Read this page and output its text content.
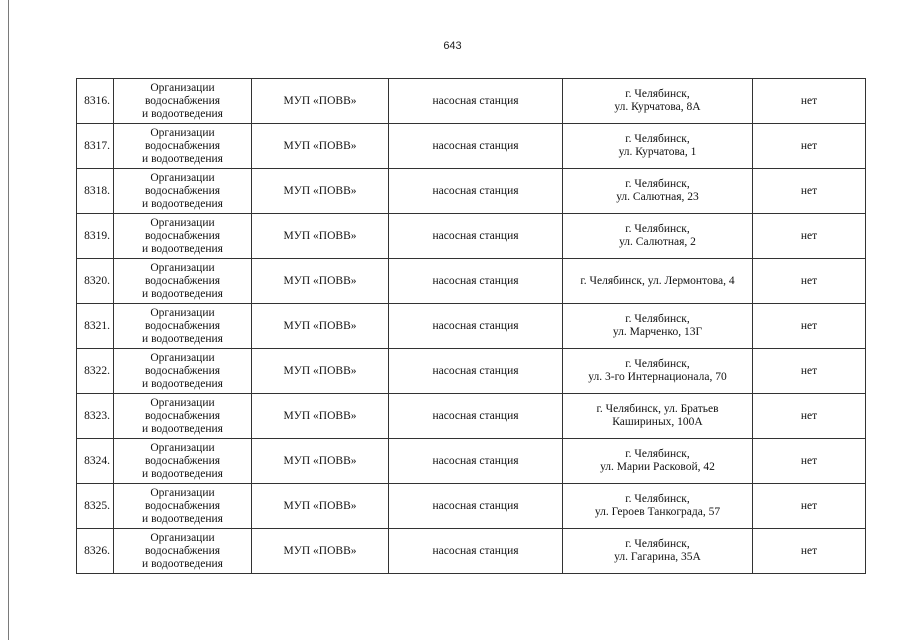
643
8316.	Организации
водоснабжения
и водоотведения	МУП «ПОВВ»	насосная станция	г. Челябинск,
ул. Курчатова, 8А	нет
8317.	Организации
водоснабжения
и водоотведения	МУП «ПОВВ»	насосная станция	г. Челябинск,
ул. Курчатова, 1	нет
8318.	Организации
водоснабжения
и водоотведения	МУП «ПОВВ»	насосная станция	г. Челябинск,
ул. Салютная, 23	нет
8319.	Организации
водоснабжения
и водоотведения	МУП «ПОВВ»	насосная станция	г. Челябинск,
ул. Салютная, 2	нет
8320.	Организации
водоснабжения
и водоотведения	МУП «ПОВВ»	насосная станция	г. Челябинск, ул. Лермонтова, 4	нет
8321.	Организации
водоснабжения
и водоотведения	МУП «ПОВВ»	насосная станция	г. Челябинск,
ул. Марченко, 13Г	нет
8322.	Организации
водоснабжения
и водоотведения	МУП «ПОВВ»	насосная станция	г. Челябинск,
ул. 3-го Интернационала, 70	нет
8323.	Организации
водоснабжения
и водоотведения	МУП «ПОВВ»	насосная станция	г. Челябинск, ул. Братьев
Кашириных, 100А	нет
8324.	Организации
водоснабжения
и водоотведения	МУП «ПОВВ»	насосная станция	г. Челябинск,
ул. Марии Расковой, 42	нет
8325.	Организации
водоснабжения
и водоотведения	МУП «ПОВВ»	насосная станция	г. Челябинск,
ул. Героев Танкограда, 57	нет
8326.	Организации
водоснабжения
и водоотведения	МУП «ПОВВ»	насосная станция	г. Челябинск,
ул. Гагарина, 35А	нет
